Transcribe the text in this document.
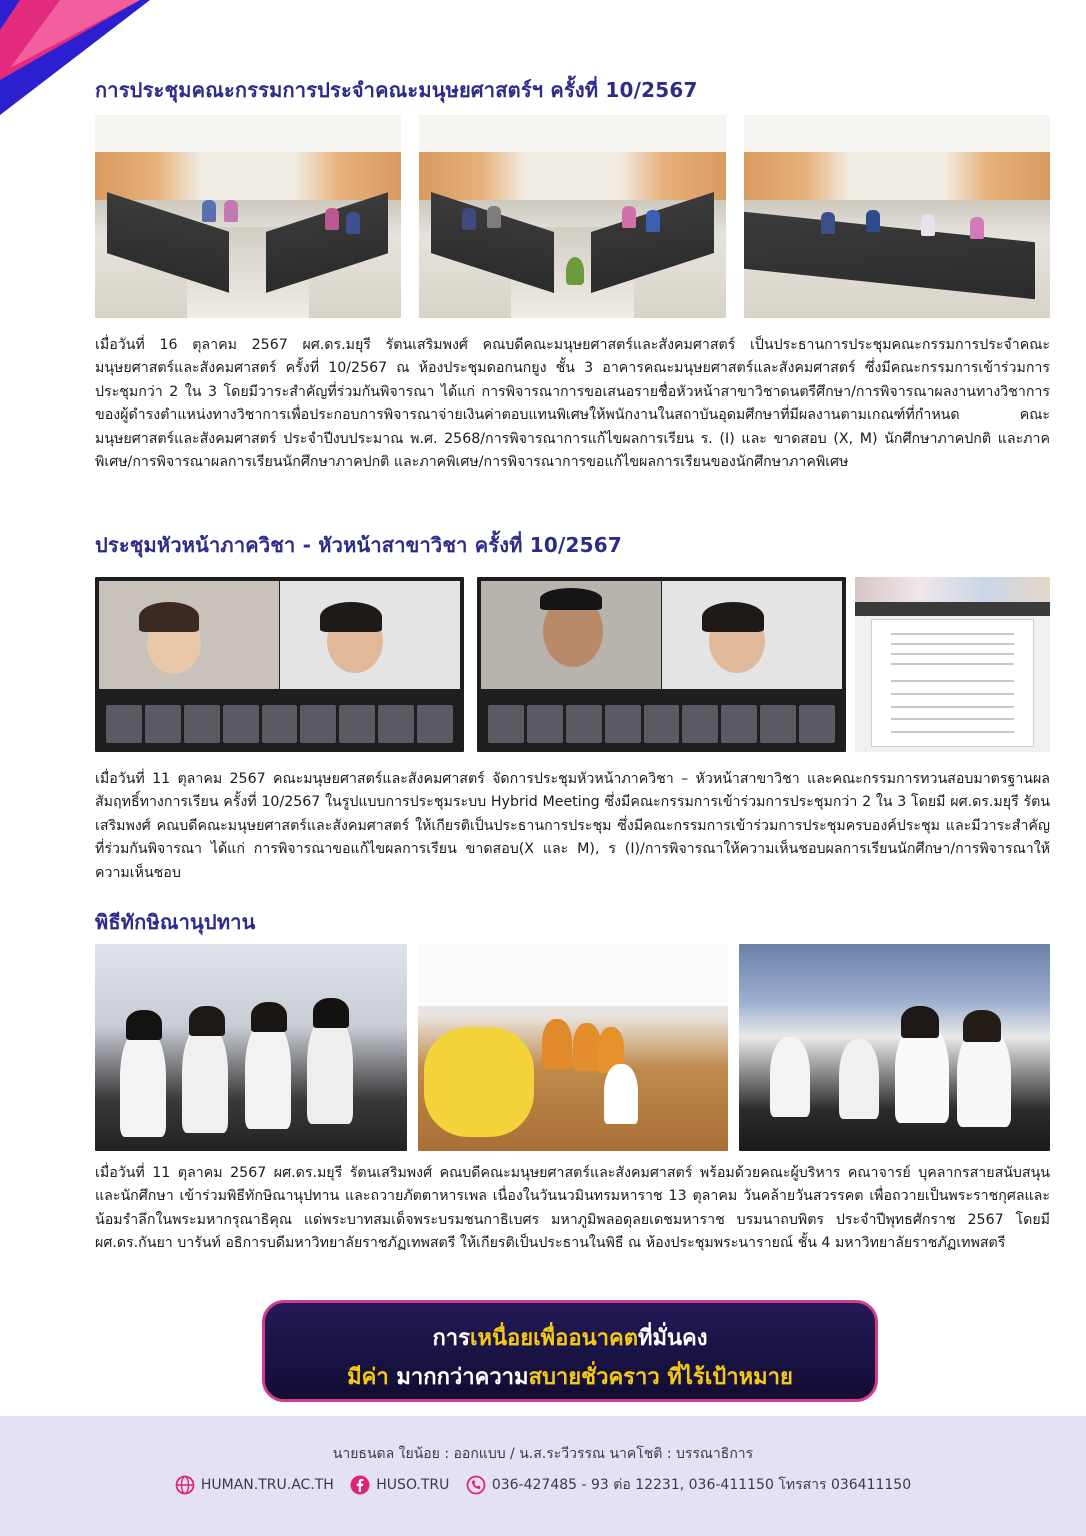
การประชุมคณะกรรมการประจำคณะมนุษยศาสตร์ฯ ครั้งที่ 10/2567

เมื่อวันที่ 16 ตุลาคม 2567 ผศ.ดร.มยุรี รัตนเสริมพงศ์ คณบดีคณะมนุษยศาสตร์และสังคมศาสตร์ เป็นประธานการประชุมคณะกรรมการประจำคณะมนุษยศาสตร์และสังคมศาสตร์ ครั้งที่ 10/2567 ณ ห้องประชุมดอกนกยูง ชั้น 3 อาคารคณะมนุษยศาสตร์และสังคมศาสตร์ ซึ่งมีคณะกรรมการเข้าร่วมการประชุมกว่า 2 ใน 3 โดยมีวาระสำคัญที่ร่วมกันพิจารณา ได้แก่ การพิจารณาการขอเสนอรายชื่อหัวหน้าสาขาวิชาดนตรีศึกษา/การพิจารณาผลงานทางวิชาการของผู้ดำรงตำแหน่งทางวิชาการเพื่อประกอบการพิจารณาจ่ายเงินค่าตอบแทนพิเศษให้พนักงานในสถาบันอุดมศึกษาที่มีผลงานตามเกณฑ์ที่กำหนด คณะมนุษยศาสตร์และสังคมศาสตร์ ประจำปีงบประมาณ พ.ศ. 2568/การพิจารณาการแก้ไขผลการเรียน ร. (I) และ ขาดสอบ (X, M) นักศึกษาภาคปกติ และภาคพิเศษ/การพิจารณาผลการเรียนนักศึกษาภาคปกติ และภาคพิเศษ/การพิจารณาการขอแก้ไขผลการเรียนของนักศึกษาภาคพิเศษ

ประชุมหัวหน้าภาควิชา - หัวหน้าสาขาวิชา ครั้งที่ 10/2567

เมื่อวันที่ 11 ตุลาคม 2567 คณะมนุษยศาสตร์และสังคมศาสตร์ จัดการประชุมหัวหน้าภาควิชา – หัวหน้าสาขาวิชา และคณะกรรมการทวนสอบมาตรฐานผลสัมฤทธิ์ทางการเรียน ครั้งที่ 10/2567 ในรูปแบบการประชุมระบบ Hybrid Meeting ซึ่งมีคณะกรรมการเข้าร่วมการประชุมกว่า 2 ใน 3 โดยมี ผศ.ดร.มยุรี รัตนเสริมพงศ์ คณบดีคณะมนุษยศาสตร์และสังคมศาสตร์ ให้เกียรติเป็นประธานการประชุม ซึ่งมีคณะกรรมการเข้าร่วมการประชุมครบองค์ประชุม และมีวาระสำคัญที่ร่วมกันพิจารณา ได้แก่ การพิจารณาขอแก้ไขผลการเรียน ขาดสอบ(X และ M), ร (I)/การพิจารณาให้ความเห็นชอบผลการเรียนนักศึกษา/การพิจารณาให้ความเห็นชอบ

พิธีทักษิณานุปทาน

เมื่อวันที่ 11 ตุลาคม 2567 ผศ.ดร.มยุรี รัตนเสริมพงศ์ คณบดีคณะมนุษยศาสตร์และสังคมศาสตร์ พร้อมด้วยคณะผู้บริหาร คณาจารย์ บุคลากรสายสนับสนุน และนักศึกษา เข้าร่วมพิธีทักษิณานุปทาน และถวายภัตตาหารเพล เนื่องในวันนวมินทรมหาราช 13 ตุลาคม วันคล้ายวันสวรรคต เพื่อถวายเป็นพระราชกุศลและน้อมรำลึกในพระมหากรุณาธิคุณ แด่พระบาทสมเด็จพระบรมชนกาธิเบศร มหาภูมิพลอดุลยเดชมหาราช บรมนาถบพิตร ประจำปีพุทธศักราช 2567 โดยมี ผศ.ดร.กันยา บารันท์ อธิการบดีมหาวิทยาลัยราชภัฏเทพสตรี ให้เกียรติเป็นประธานในพิธี ณ ห้องประชุมพระนารายณ์ ชั้น 4 มหาวิทยาลัยราชภัฏเทพสตรี

การเหนื่อยเพื่ออนาคตที่มั่นคง
มีค่า มากกว่าความสบายชั่วคราว ที่ไร้เป้าหมาย
นายธนดล ใยน้อย : ออกแบบ / น.ส.ระวีวรรณ นาคโชติ : บรรณาธิการ
HUMAN.TRU.AC.TH
	HUSO.TRU
	036-427485 - 93 ต่อ 12231, 036-411150 โทรสาร 036411150
